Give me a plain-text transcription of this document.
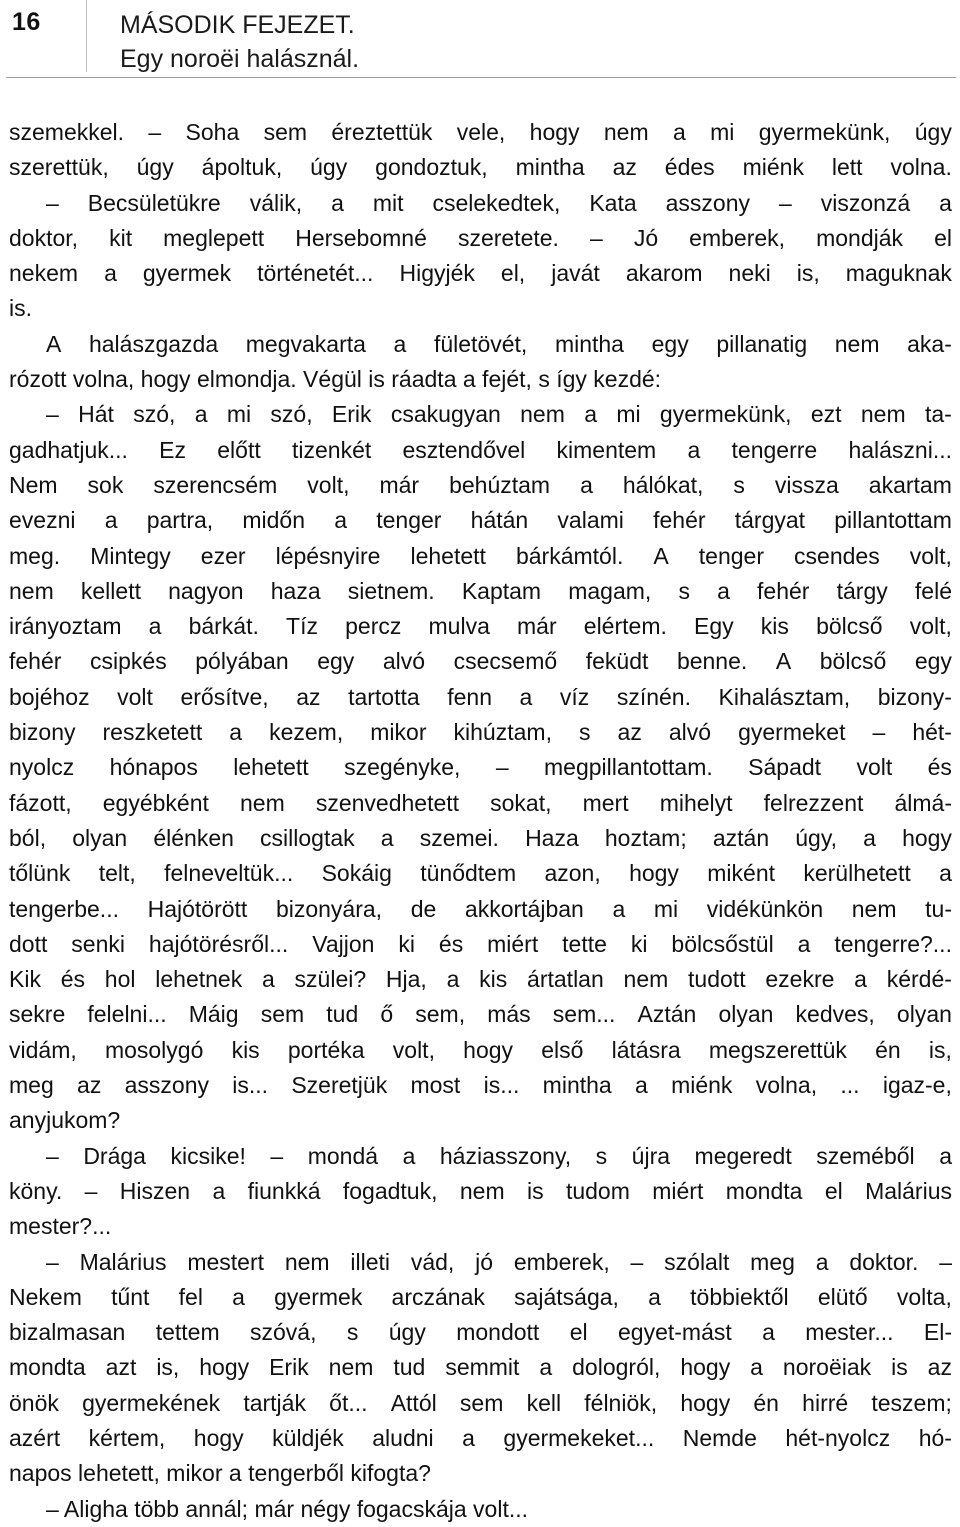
16	MÁSODIK FEJEZET.
Egy noroëi halásznál.
szemekkel. – Soha sem éreztettük vele, hogy nem a mi gyermekünk, úgy
szerettük, úgy ápoltuk, úgy gondoztuk, mintha az édes miénk lett volna.
– Becsületükre válik, a mit cselekedtek, Kata asszony – viszonzá a
doktor, kit meglepett Hersebomné szeretete. – Jó emberek, mondják el
nekem a gyermek történetét... Higyjék el, javát akarom neki is, maguknak
is.
A halászgazda megvakarta a fületövét, mintha egy pillanatig nem aka-
rózott volna, hogy elmondja. Végül is ráadta a fejét, s így kezdé:
– Hát szó, a mi szó, Erik csakugyan nem a mi gyermekünk, ezt nem ta-
gadhatjuk... Ez előtt tizenkét esztendővel kimentem a tengerre halászni...
Nem sok szerencsém volt, már behúztam a hálókat, s vissza akartam
evezni a partra, midőn a tenger hátán valami fehér tárgyat pillantottam
meg. Mintegy ezer lépésnyire lehetett bárkámtól. A tenger csendes volt,
nem kellett nagyon haza sietnem. Kaptam magam, s a fehér tárgy felé
irányoztam a bárkát. Tíz percz mulva már elértem. Egy kis bölcső volt,
fehér csipkés pólyában egy alvó csecsemő feküdt benne. A bölcső egy
bojéhoz volt erősítve, az tartotta fenn a víz színén. Kihalásztam, bizony-
bizony reszketett a kezem, mikor kihúztam, s az alvó gyermeket – hét-
nyolcz hónapos lehetett szegényke, – megpillantottam. Sápadt volt és
fázott, egyébként nem szenvedhetett sokat, mert mihelyt felrezzent álmá-
ból, olyan élénken csillogtak a szemei. Haza hoztam; aztán úgy, a hogy
tőlünk telt, felneveltük... Sokáig tünődtem azon, hogy miként kerülhetett a
tengerbe... Hajótörött bizonyára, de akkortájban a mi vidékünkön nem tu-
dott senki hajótörésről... Vajjon ki és miért tette ki bölcsőstül a tengerre?...
Kik és hol lehetnek a szülei? Hja, a kis ártatlan nem tudott ezekre a kérdé-
sekre felelni... Máig sem tud ő sem, más sem... Aztán olyan kedves, olyan
vidám, mosolygó kis portéka volt, hogy első látásra megszerettük én is,
meg az asszony is... Szeretjük most is... mintha a miénk volna, ... igaz-e,
anyjukom?
– Drága kicsike! – mondá a háziasszony, s újra megeredt szeméből a
köny. – Hiszen a fiunkká fogadtuk, nem is tudom miért mondta el Malárius
mester?...
– Malárius mestert nem illeti vád, jó emberek, – szólalt meg a doktor. –
Nekem tűnt fel a gyermek arczának sajátsága, a többiektől elütő volta,
bizalmasan tettem szóvá, s úgy mondott el egyet-mást a mester... El-
mondta azt is, hogy Erik nem tud semmit a dologról, hogy a noroëiak is az
önök gyermekének tartják őt... Attól sem kell félniök, hogy én hirré teszem;
azért kértem, hogy küldjék aludni a gyermekeket... Nemde hét-nyolcz hó-
napos lehetett, mikor a tengerből kifogta?
– Aligha több annál; már négy fogacskája volt...
